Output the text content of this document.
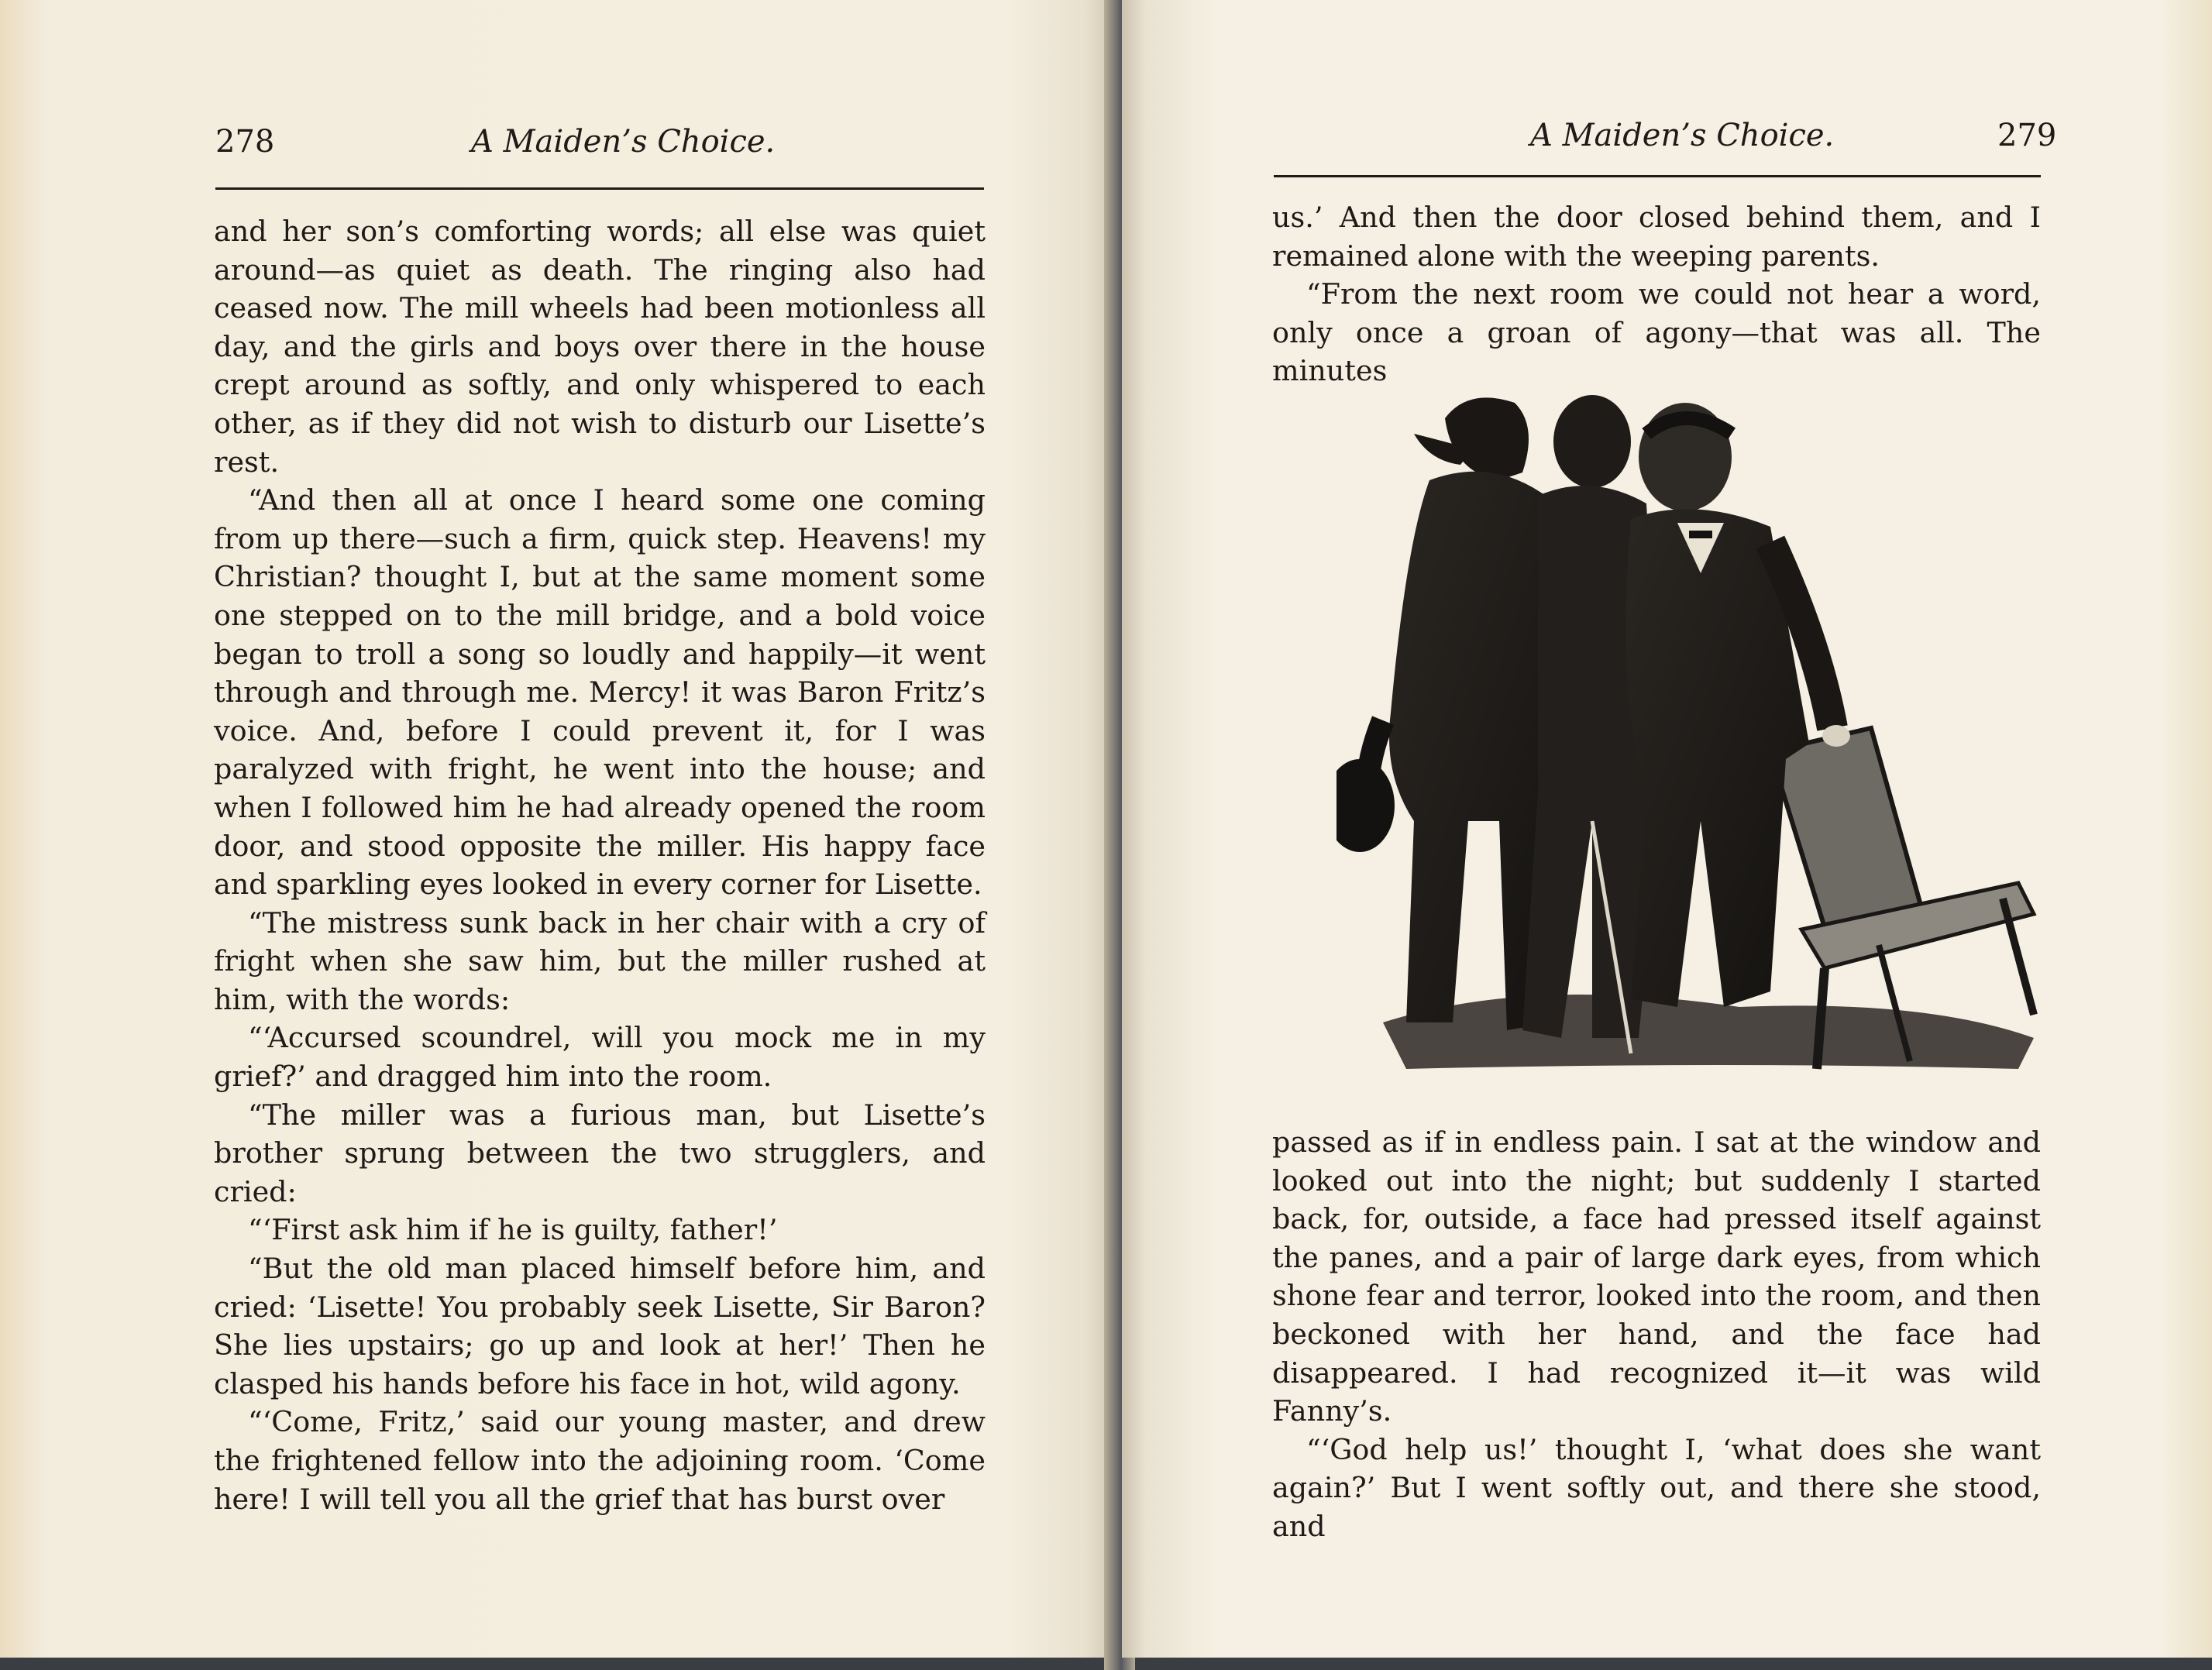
278	A Maiden’s Choice.

and her son’s comforting words; all else was quiet around—as quiet as death. The ringing also had ceased now. The mill wheels had been motionless all day, and the girls and boys over there in the house crept around as softly, and only whispered to each other, as if they did not wish to disturb our Lisette’s rest.

“And then all at once I heard some one coming from up there—such a firm, quick step. Heavens! my Christian? thought I, but at the same moment some one stepped on to the mill bridge, and a bold voice began to troll a song so loudly and happily—it went through and through me. Mercy! it was Baron Fritz’s voice. And, before I could prevent it, for I was paralyzed with fright, he went into the house; and when I followed him he had already opened the room door, and stood opposite the miller. His happy face and sparkling eyes looked in every corner for Lisette.

“The mistress sunk back in her chair with a cry of fright when she saw him, but the miller rushed at him, with the words:

“‘Accursed scoundrel, will you mock me in my grief?’ and dragged him into the room.

“The miller was a furious man, but Lisette’s brother sprung between the two strugglers, and cried:

“‘First ask him if he is guilty, father!’

“But the old man placed himself before him, and cried: ‘Lisette! You probably seek Lisette, Sir Baron? She lies upstairs; go up and look at her!’ Then he clasped his hands before his face in hot, wild agony.

“‘Come, Fritz,’ said our young master, and drew the frightened fellow into the adjoining room. ‘Come here! I will tell you all the grief that has burst over

A Maiden’s Choice.	279

us.’ And then the door closed behind them, and I remained alone with the weeping parents.

“From the next room we could not hear a word, only once a groan of agony—that was all. The minutes

passed as if in endless pain. I sat at the window and looked out into the night; but suddenly I started back, for, outside, a face had pressed itself against the panes, and a pair of large dark eyes, from which shone fear and terror, looked into the room, and then beckoned with her hand, and the face had disappeared. I had recognized it—it was wild Fanny’s.

“‘God help us!’ thought I, ‘what does she want again?’ But I went softly out, and there she stood, and
